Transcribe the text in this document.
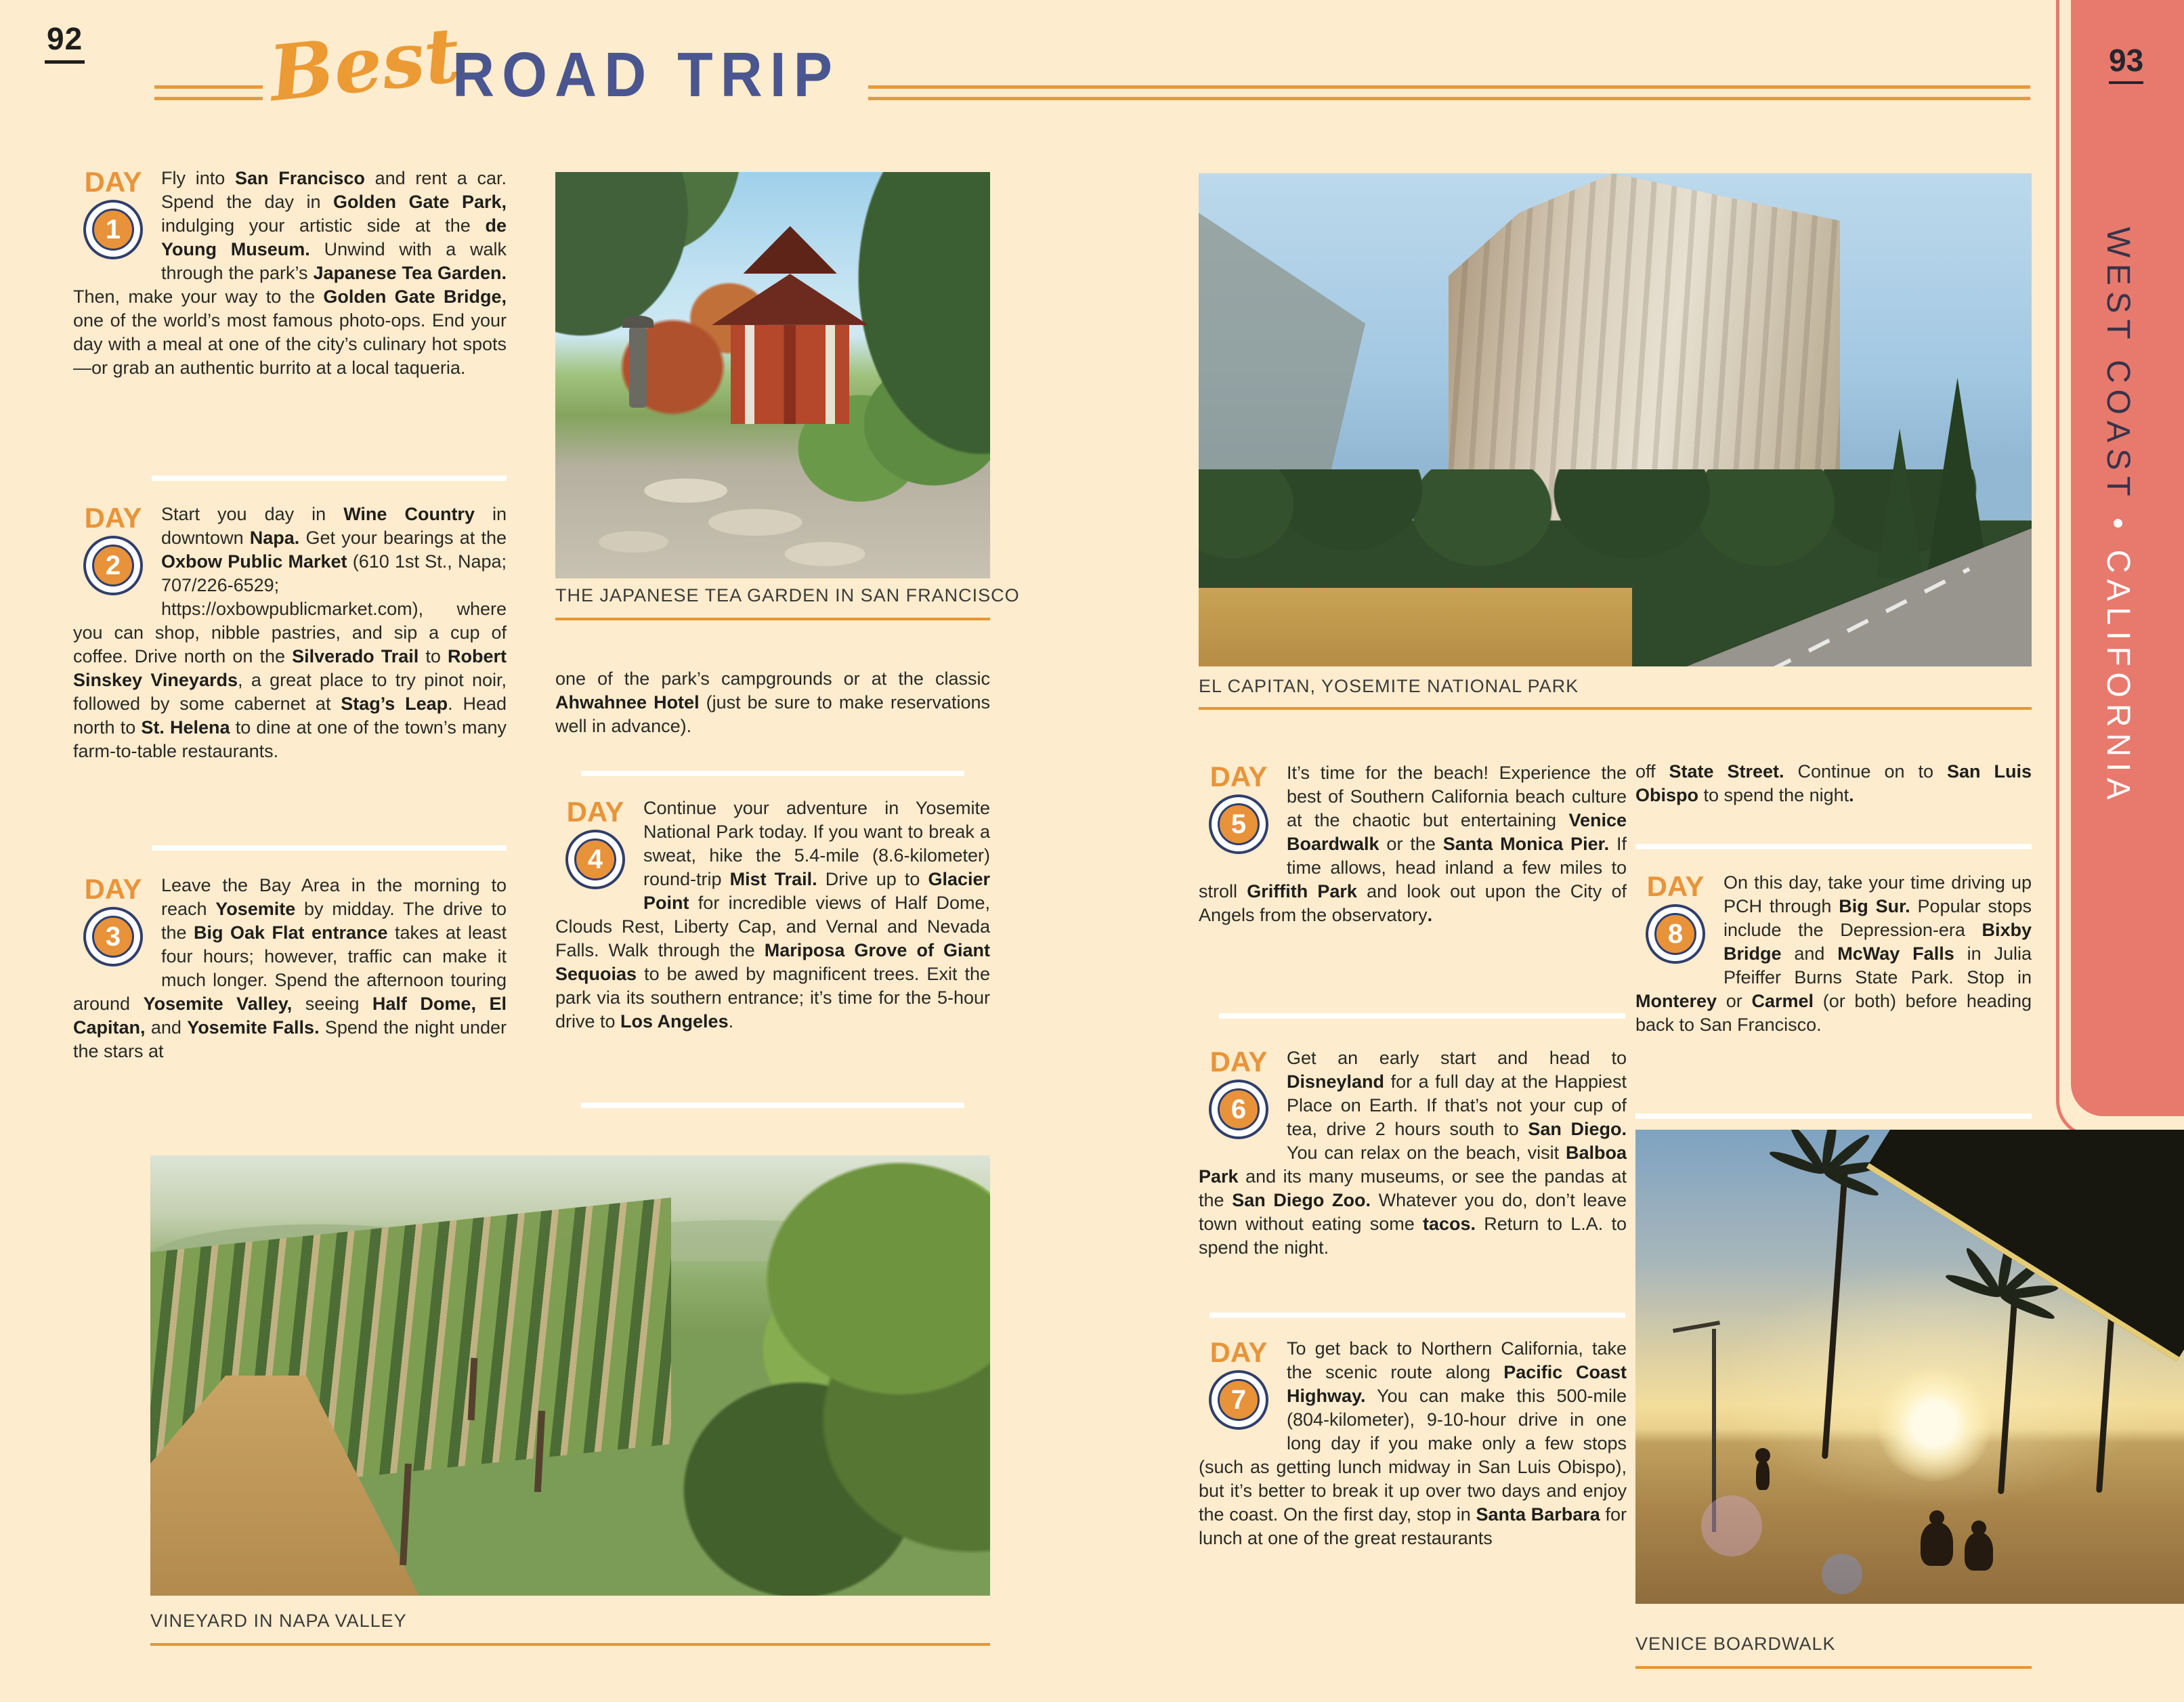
92 Best
ROAD TRIP	93
WEST COAST●CALIFORNIA
DAY
1
Fly into San Francisco and rent a car. Spend the day in Golden Gate Park, indulging your artistic side at the de Young Museum. Unwind with a walk through the park’s Japanese Tea Garden. Then, make your way to the Golden Gate Bridge, one of the world’s most famous photo-ops. End your day with a meal at one of the city’s culinary hot spots—or grab an authentic burrito at a local taqueria.
DAY
2
Start you day in Wine Country in downtown Napa. Get your bearings at the Oxbow Public Market (610 1st St., Napa; 707/226-6529; https://oxbowpublicmarket.com), where you can shop, nibble pastries, and sip a cup of coffee. Drive north on the Silverado Trail to Robert Sinskey Vineyards, a great place to try pinot noir, followed by some cabernet at Stag’s Leap. Head north to St. Helena to dine at one of the town’s many farm-to-table restaurants.
DAY
3
Leave the Bay Area in the morning to reach Yosemite by midday. The drive to the Big Oak Flat entrance takes at least four hours; however, traffic can make it much longer. Spend the afternoon touring around Yosemite Valley, seeing Half Dome, El Capitan, and Yosemite Falls. Spend the night under the stars at
THE JAPANESE TEA GARDEN IN SAN FRANCISCO
one of the park’s campgrounds or at the classic Ahwahnee Hotel (just be sure to make reservations well in advance).
DAY
4
Continue your adventure in Yosemite National Park today. If you want to break a sweat, hike the 5.4-mile (8.6-kilometer) round-trip Mist Trail. Drive up to Glacier Point for incredible views of Half Dome, Clouds Rest, Liberty Cap, and Vernal and Nevada Falls. Walk through the Mariposa Grove of Giant Sequoias to be awed by magnificent trees. Exit the park via its southern entrance; it’s time for the 5-hour drive to Los Angeles.
VINEYARD IN NAPA VALLEY
EL CAPITAN, YOSEMITE NATIONAL PARK
DAY
5
It’s time for the beach! Experience the best of Southern California beach culture at the chaotic but entertaining Venice Boardwalk or the Santa Monica Pier. If time allows, head inland a few miles to stroll Griffith Park and look out upon the City of Angels from the observatory.
DAY
6
Get an early start and head to Disneyland for a full day at the Happiest Place on Earth. If that’s not your cup of tea, drive 2 hours south to San Diego. You can relax on the beach, visit Balboa Park and its many museums, or see the pandas at the San Diego Zoo. Whatever you do, don’t leave town without eating some tacos. Return to L.A. to spend the night.
DAY
7
To get back to Northern California, take the scenic route along Pacific Coast Highway. You can make this 500-mile (804-kilometer), 9-10-hour drive in one long day if you make only a few stops (such as getting lunch midway in San Luis Obispo), but it’s better to break it up over two days and enjoy the coast. On the first day, stop in Santa Barbara for lunch at one of the great restaurants
off State Street. Continue on to San Luis Obispo to spend the night.
DAY
8
On this day, take your time driving up PCH through Big Sur. Popular stops include the Depression-era Bixby Bridge and McWay Falls in Julia Pfeiffer Burns State Park. Stop in Monterey or Carmel (or both) before heading back to San Francisco.
VENICE BOARDWALK
